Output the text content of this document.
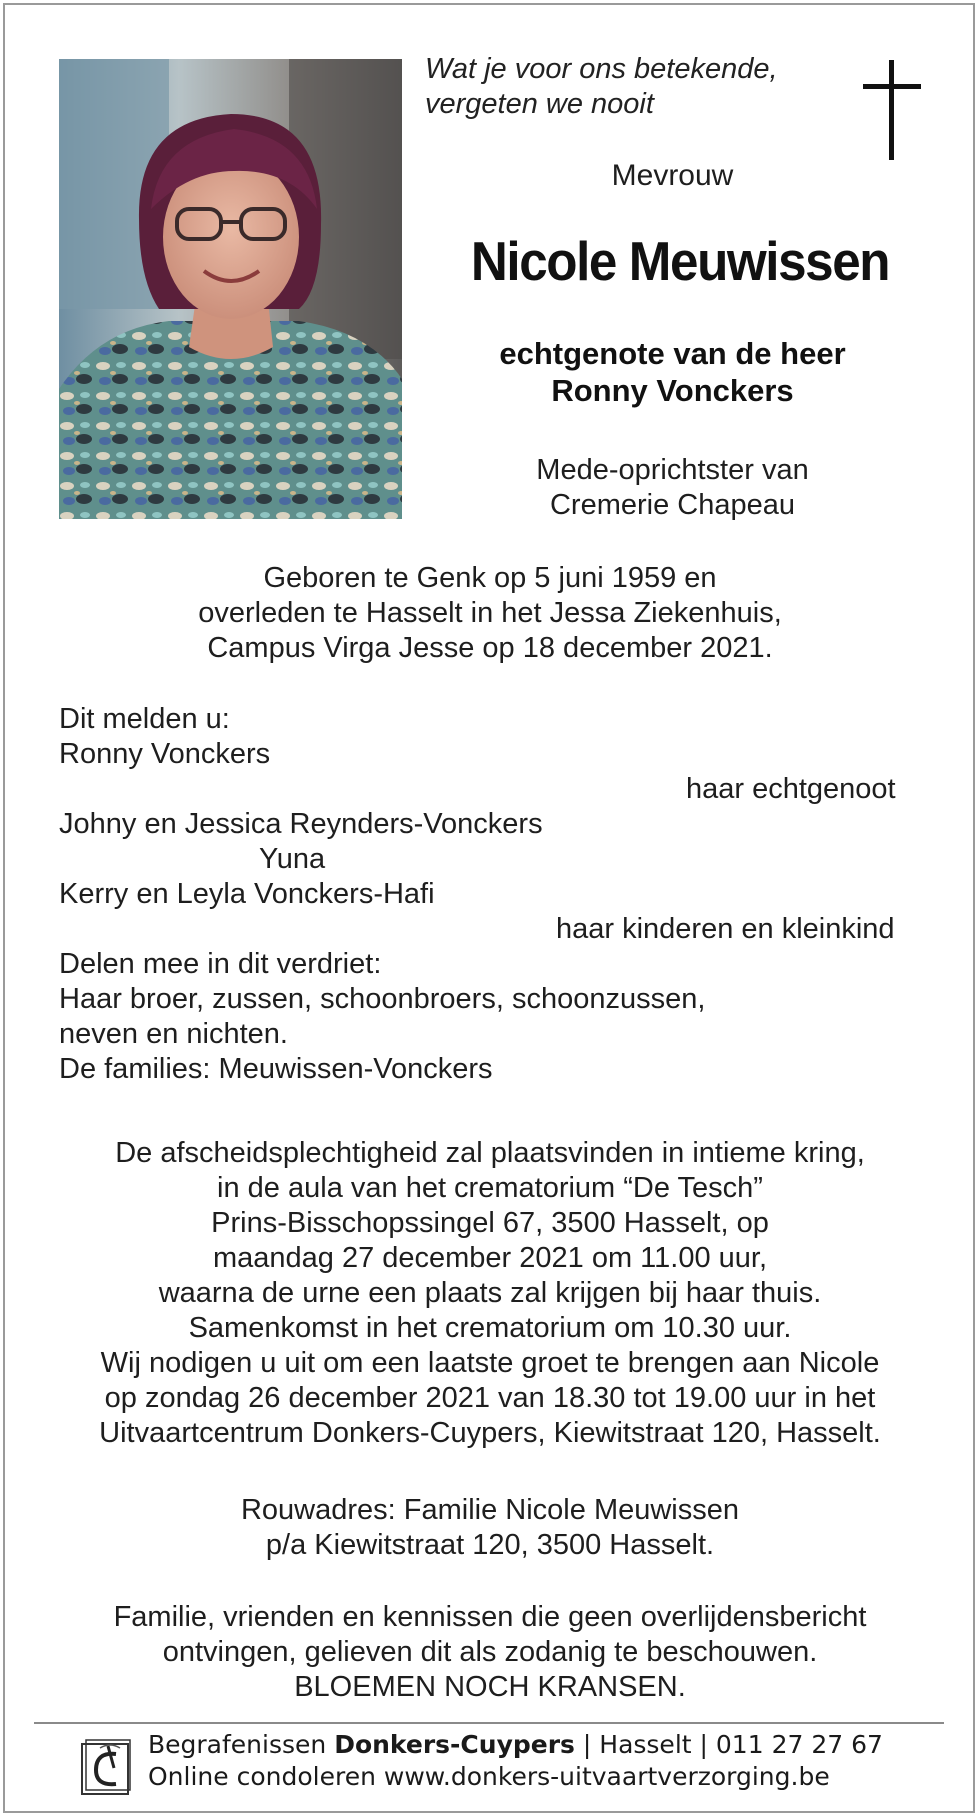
Wat je voor ons betekende,
vergeten we nooit
Mevrouw
Nicole Meuwissen
echtgenote van de heer
Ronny Vonckers
Mede-oprichtster van
Cremerie Chapeau
Geboren te Genk op 5 juni 1959 en
overleden te Hasselt in het Jessa Ziekenhuis,
Campus Virga Jesse op 18 december 2021.
Dit melden u:
Ronny Vonckers
haar echtgenoot
Johny en Jessica Reynders-Vonckers
Yuna
Kerry en Leyla Vonckers-Hafi
haar kinderen en kleinkind
Delen mee in dit verdriet:
Haar broer, zussen, schoonbroers, schoonzussen,
neven en nichten.
De families: Meuwissen-Vonckers
De afscheidsplechtigheid zal plaatsvinden in intieme kring,
in de aula van het crematorium “De Tesch”
Prins-Bisschopssingel 67, 3500 Hasselt, op
maandag 27 december 2021 om 11.00 uur,
waarna de urne een plaats zal krijgen bij haar thuis.
Samenkomst in het crematorium om 10.30 uur.
Wij nodigen u uit om een laatste groet te brengen aan Nicole
op zondag 26 december 2021 van 18.30 tot 19.00 uur in het
Uitvaartcentrum Donkers-Cuypers, Kiewitstraat 120, Hasselt.
Rouwadres: Familie Nicole Meuwissen
p/a Kiewitstraat 120, 3500 Hasselt.
Familie, vrienden en kennissen die geen overlijdensbericht
ontvingen, gelieven dit als zodanig te beschouwen.
BLOEMEN NOCH KRANSEN.
Begrafenissen Donkers-Cuypers | Hasselt | 011 27 27 67
Online condoleren www.donkers-uitvaartverzorging.be
